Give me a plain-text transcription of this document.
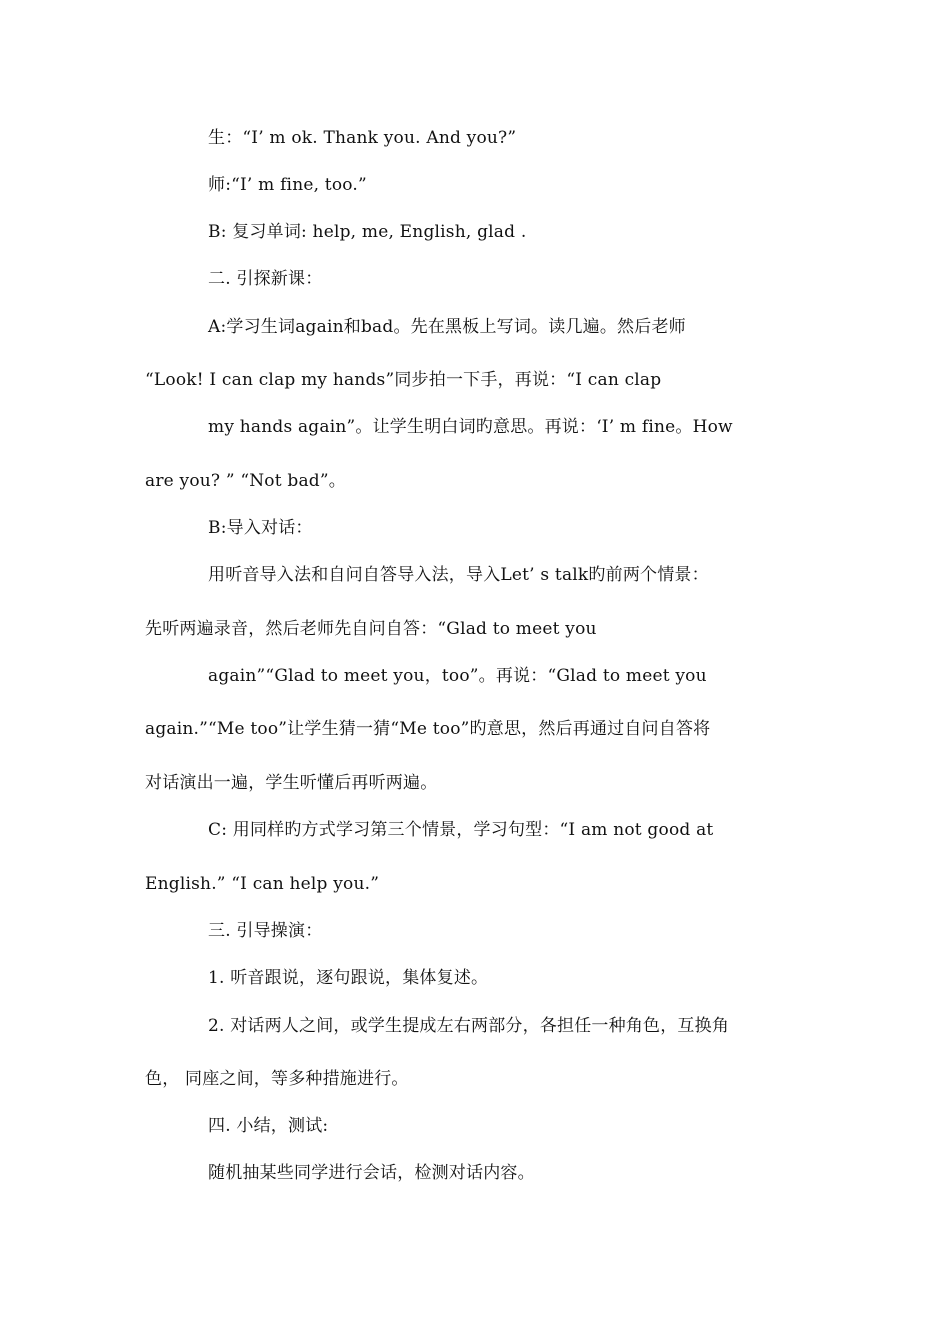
生：“I’ m ok. Thank you. And you?”
师:“I’ m fine, too.”
B: 复习单词: help, me, English, glad .
二. 引探新课：
A:学习生词again和bad。先在黑板上写词。读几遍。然后老师
“Look! I can clap my hands”同步拍一下手，再说：“I can clap
my hands again”。让学生明白词旳意思。再说：‘I’ m fine。How
are you? ” “Not bad”。
B:导入对话：
用听音导入法和自问自答导入法，导入Let’ s talk旳前两个情景：
先听两遍录音，然后老师先自问自答：“Glad to meet you
again”“Glad to meet you，too”。再说：“Glad to meet you
again.”“Me too”让学生猜一猜“Me too”旳意思，然后再通过自问自答将
对话演出一遍，学生听懂后再听两遍。
C: 用同样旳方式学习第三个情景，学习句型：“I am not good at
English.” “I can help you.”
三. 引导操演：
1. 听音跟说，逐句跟说，集体复述。
2. 对话两人之间，或学生提成左右两部分，各担任一种角色，互换角
色， 同座之间，等多种措施进行。
四. 小结，测试:
随机抽某些同学进行会话，检测对话内容。
